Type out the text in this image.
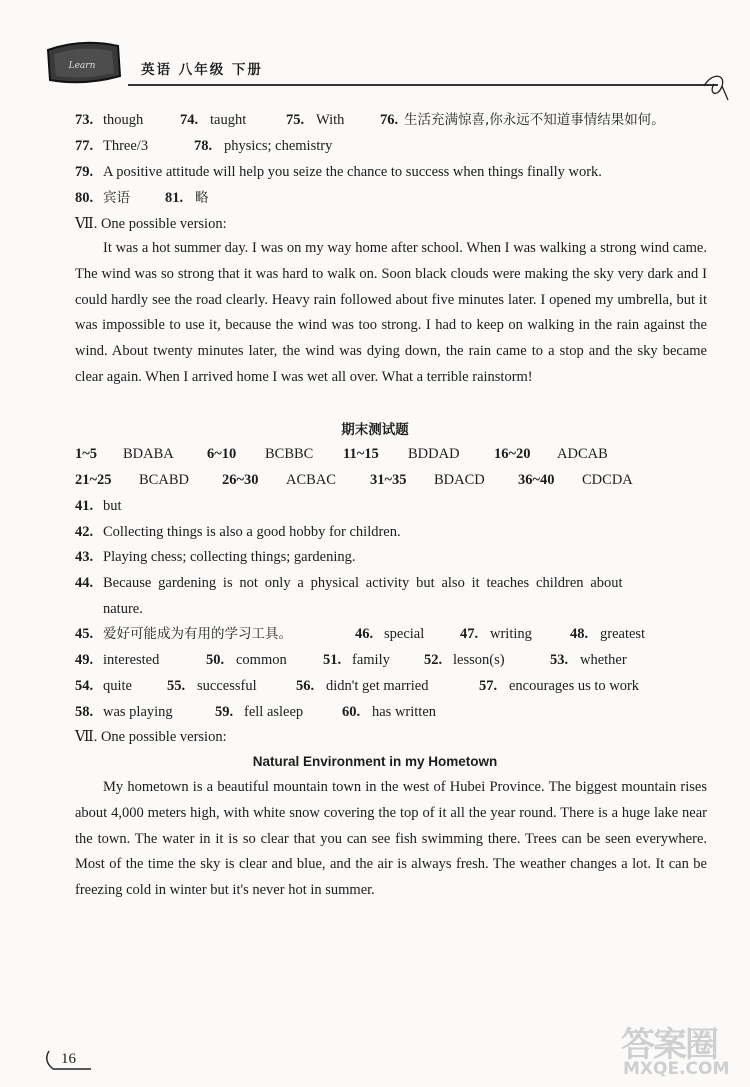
Learn	英语 八年级 下册
73. though	74. taught	75. With 76. 生活充满惊喜,你永远不知道事情结果如何。
77. Three/3	78. physics; chemistry
79. A positive attitude will help you seize the chance to success when things finally work.
80. 宾语 81. 略
Ⅶ. One possible version:

It was a hot summer day. I was on my way home after school. When I was walking a strong wind came. The wind was so strong that it was hard to walk on. Soon black clouds were making the sky very dark and I could hardly see the road clearly. Heavy rain followed about five minutes later. I opened my umbrella, but it was impossible to use it, because the wind was too strong. I had to keep on walking in the rain against the wind. About twenty minutes later, the wind was dying down, the rain came to a stop and the sky became clear again. When I arrived home I was wet all over. What a terrible rainstorm!

期末测试题
1~5 BDABA 6~10 BCBBC 11~15 BDDAD 16~20 ADCAB
21~25 BCABD 26~30 ACBAC 31~35 BDACD 36~40 CDCDA
41. but
42. Collecting things is also a good hobby for children.
43. Playing chess; collecting things; gardening.
44. Because gardening is not only a physical activity but also it teaches children about
nature.
45. 爱好可能成为有用的学习工具。	46. special 47. writing	48. greatest
49. interested	50. common	51. family 52. lesson(s)	53. whether
54. quite 55. successful	56. didn't get married	57. encourages us to work
58. was playing	59. fell asleep	60. has written
Ⅶ. One possible version:
Natural Environment in my Hometown

My hometown is a beautiful mountain town in the west of Hubei Province. The biggest mountain rises about 4,000 meters high, with white snow covering the top of it all the year round. There is a huge lake near the town. The water in it is so clear that you can see fish swimming there. Trees can be seen everywhere. Most of the time the sky is clear and blue, and the air is always fresh. The weather changes a lot. It can be freezing cold in winter but it's never hot in summer.

16	答案圈
MXQE.COM
